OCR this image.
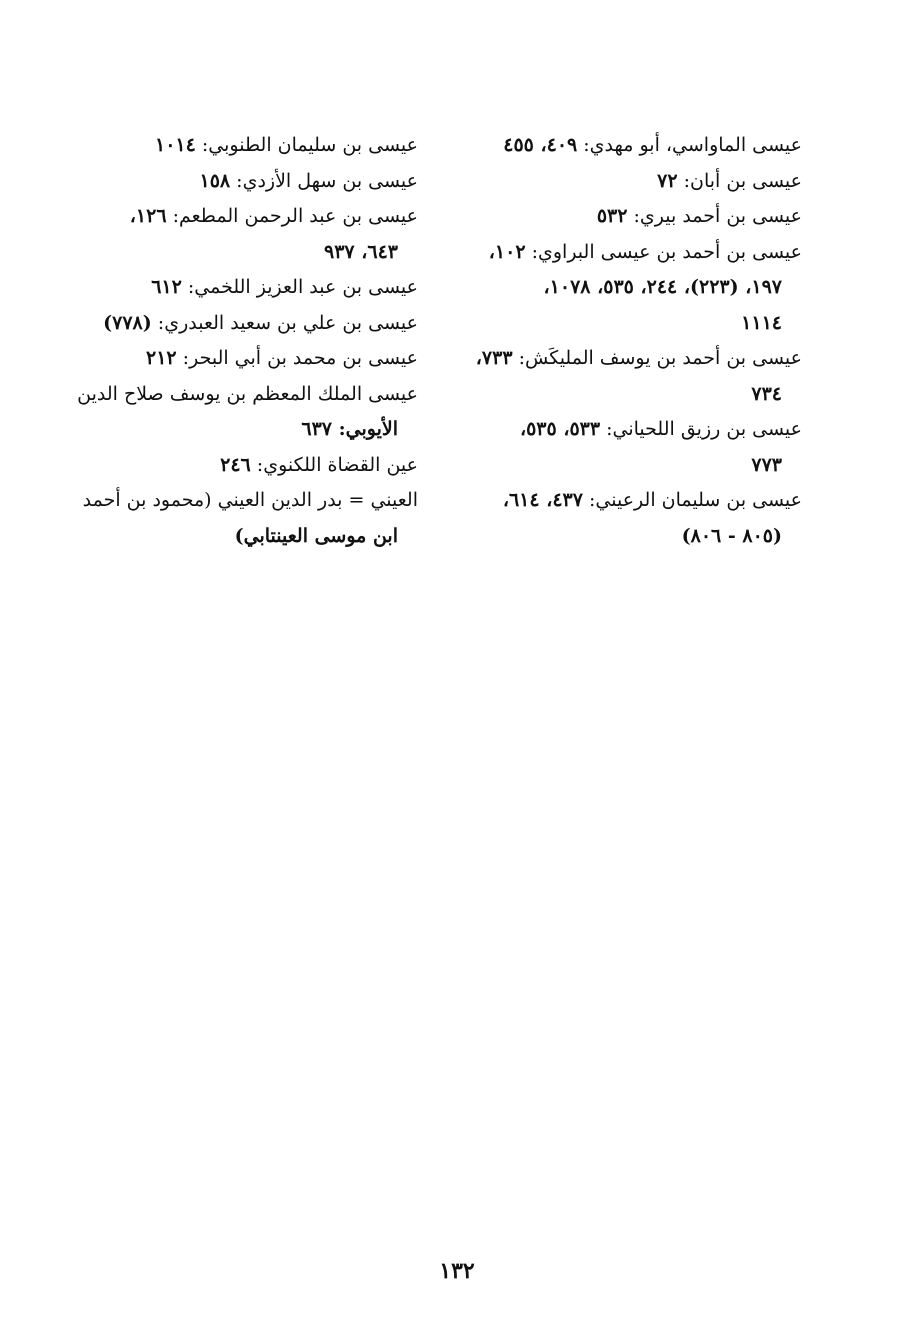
عيسى الماواسي، أبو مهدي: ٤٠٩، ٤٥٥

عيسى بن أبان: ٧٢

عيسى بن أحمد بيري: ٥٣٢

عيسى بن أحمد بن عيسى البراوي: ١٠٢،
١٩٧، (٢٢٣)، ٢٤٤، ٥٣٥، ١٠٧٨،
١١١٤

عيسى بن أحمد بن يوسف المليكَش: ٧٣٣،
٧٣٤

عيسى بن رزيق اللحياني: ٥٣٣، ٥٣٥،
٧٧٣

عيسى بن سليمان الرعيني: ٤٣٧، ٦١٤،
(٨٠٥ - ٨٠٦)

عيسى بن سليمان الطنوبي: ١٠١٤

عيسى بن سهل الأزدي: ١٥٨

عيسى بن عبد الرحمن المطعم: ١٢٦،
٦٤٣، ٩٣٧

عيسى بن عبد العزيز اللخمي: ٦١٢

عيسى بن علي بن سعيد العبدري: (٧٧٨)

عيسى بن محمد بن أبي البحر: ٢١٢

عيسى الملك المعظم بن يوسف صلاح الدين
الأيوبي: ٦٣٧

عين القضاة اللكنوي: ٢٤٦

العيني = بدر الدين العيني (محمود بن أحمد
ابن موسى العينتابي)

١٣٢
